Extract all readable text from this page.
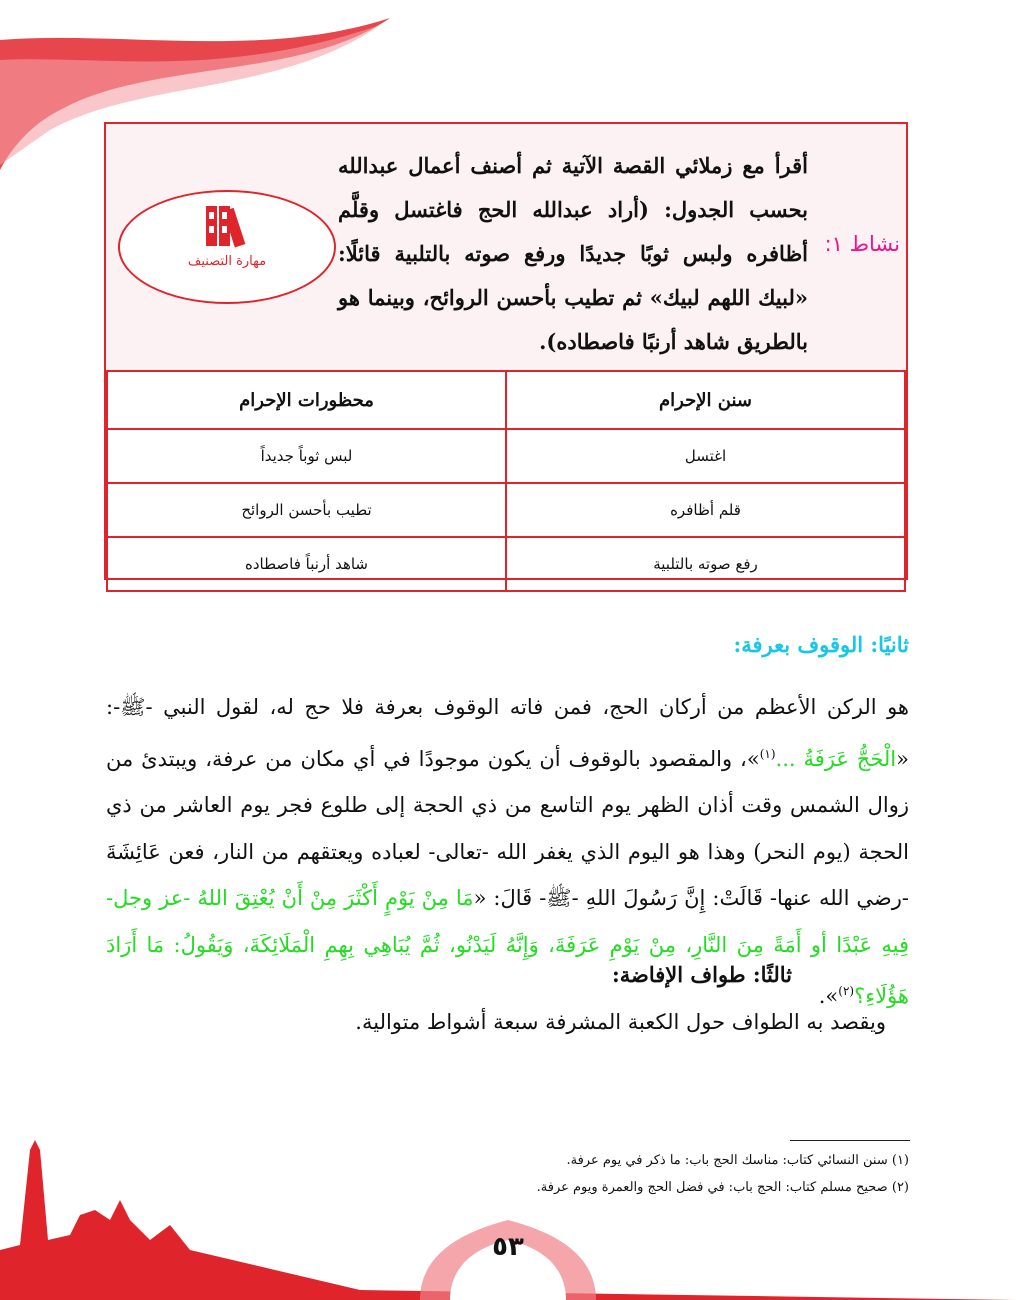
نشاط ١:
أقرأ مع زملائي القصة الآتية ثم أصنف أعمال عبدالله بحسب الجدول: (أراد عبدالله الحج فاغتسل وقلَّم أظافره ولبس ثوبًا جديدًا ورفع صوته بالتلبية قائلًا: «لبيك اللهم لبيك» ثم تطيب بأحسن الروائح، وبينما هو بالطريق شاهد أرنبًا فاصطاده).
مهارة التصنيف
سنن الإحرام	محظورات الإحرام
اغتسل	لبس ثوباً جديداً
قلم أظافره	تطيب بأحسن الروائح
رفع صوته بالتلبية	شاهد أرنباً فاصطاده
ثانيًا: الوقوف بعرفة:
هو الركن الأعظم من أركان الحج، فمن فاته الوقوف بعرفة فلا حج له، لقول النبي -ﷺ-: «الْحَجُّ عَرَفَةُ ...$^{(١)}$»، والمقصود بالوقوف أن يكون موجودًا في أي مكان من عرفة، ويبتدئ من زوال الشمس وقت أذان الظهر يوم التاسع من ذي الحجة إلى طلوع فجر يوم العاشر من ذي الحجة (يوم النحر) وهذا هو اليوم الذي يغفر الله -تعالى- لعباده ويعتقهم من النار، فعن عَائِشَةَ -رضي الله عنها- قَالَتْ: إِنَّ رَسُولَ اللهِ -ﷺ- قَالَ: «مَا مِنْ يَوْمٍ أَكْثَرَ مِنْ أَنْ يُعْتِقَ اللهُ -عز وجل- فِيهِ عَبْدًا أو أَمَةً مِنَ النَّارِ، مِنْ يَوْمِ عَرَفَةَ، وَإِنَّهُ لَيَدْنُو، ثُمَّ يُبَاهِي بِهِمِ الْمَلَائِكَةَ، وَيَقُولُ: مَا أَرَادَ هَؤُلَاءِ؟$^{(٢)}$».
ثالثًا: طواف الإفاضة:
ويقصد به الطواف حول الكعبة المشرفة سبعة أشواط متوالية.
(١) سنن النسائي كتاب: مناسك الحج باب: ما ذكر في يوم عرفة.
(٢) صحيح مسلم كتاب: الحج باب: في فضل الحج والعمرة ويوم عرفة.
٥٣
